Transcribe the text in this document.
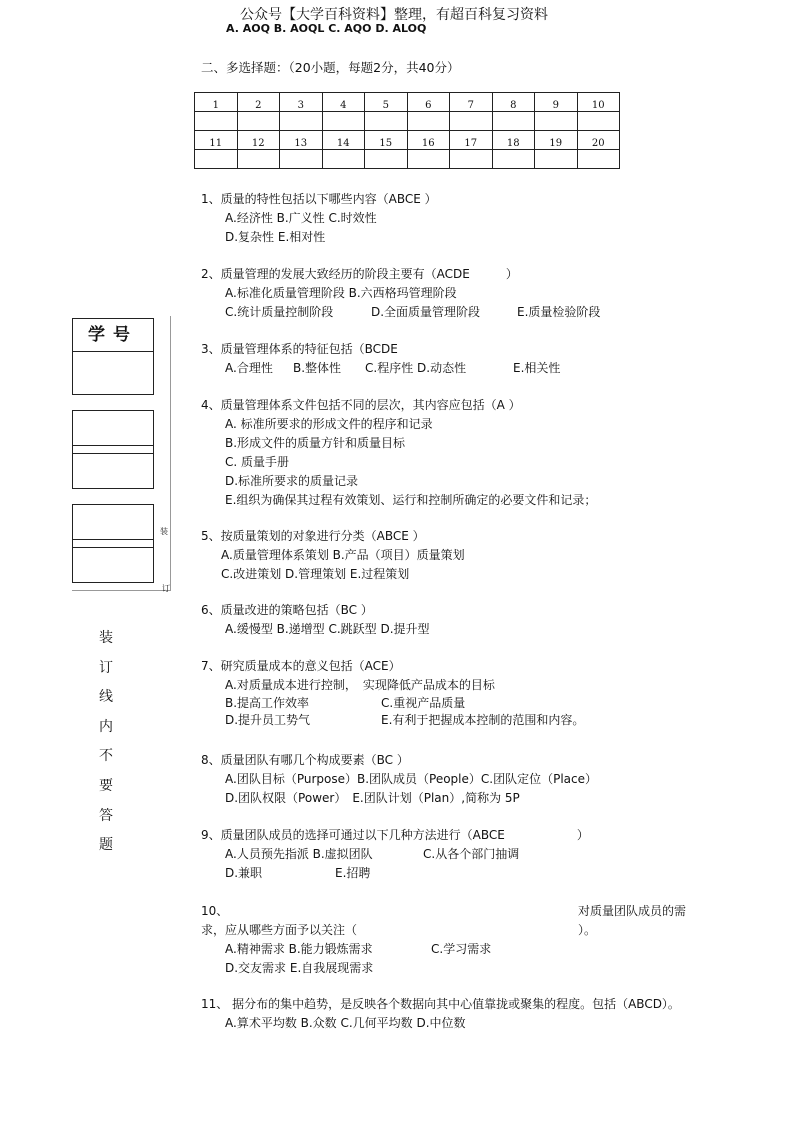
公众号【大学百科资料】整理，有超百科复习资料
A. AOQ B. AOQL C. AQO D. ALOQ
二、多选择题：（20小题，每题2分，共40分）
1	2	3	4	5	6	7	8	9	10

11	12	13	14	15	16	17	18	19	20

学号
装
订
装
订
线
内
不
要
答
题
1、质量的特性包括以下哪些内容（ABCE ）
A.经济性 B.广义性 C.时效性
D.复杂性 E.相对性
2、质量管理的发展大致经历的阶段主要有（ACDE　　　）
A.标准化质量管理阶段 B.六西格玛管理阶段
C.统计质量控制阶段	D.全面质量管理阶段	E.质量检验阶段
3、质量管理体系的特征包括（BCDE
A.合理性 B.整体性 C.程序性 D.动态性	E.相关性
4、质量管理体系文件包括不同的层次，其内容应包括（A ）
A. 标准所要求的形成文件的程序和记录
B.形成文件的质量方针和质量目标
C. 质量手册
D.标准所要求的质量记录
E.组织为确保其过程有效策划、运行和控制所确定的必要文件和记录；
5、按质量策划的对象进行分类（ABCE ）
A.质量管理体系策划 B.产品（项目）质量策划
C.改进策划 D.管理策划 E.过程策划
6、质量改进的策略包括（BC ）
A.缓慢型 B.递增型 C.跳跃型 D.提升型
7、研究质量成本的意义包括（ACE）
A.对质量成本进行控制，　实现降低产品成本的目标
B.提高工作效率	C.重视产品质量
D.提升员工势气	E.有利于把握成本控制的范围和内容。
8、质量团队有哪几个构成要素（BC ）
A.团队目标（Purpose）B.团队成员（People）C.团队定位（Place）
D.团队权限（Power）　E.团队计划（Plan）,简称为 5P
9、质量团队成员的选择可通过以下几种方法进行（ABCE　　　　　　）
A.人员预先指派 B.虚拟团队	C.从各个部门抽调
D.兼职	E.招聘
10、	对质量团队成员的需
求，应从哪些方面予以关注（	）。
A.精神需求 B.能力锻炼需求	C.学习需求
D.交友需求 E.自我展现需求
11、 据分布的集中趋势，是反映各个数据向其中心值靠拢或聚集的程度。包括（ABCD）。
A.算术平均数 B.众数 C.几何平均数 D.中位数
